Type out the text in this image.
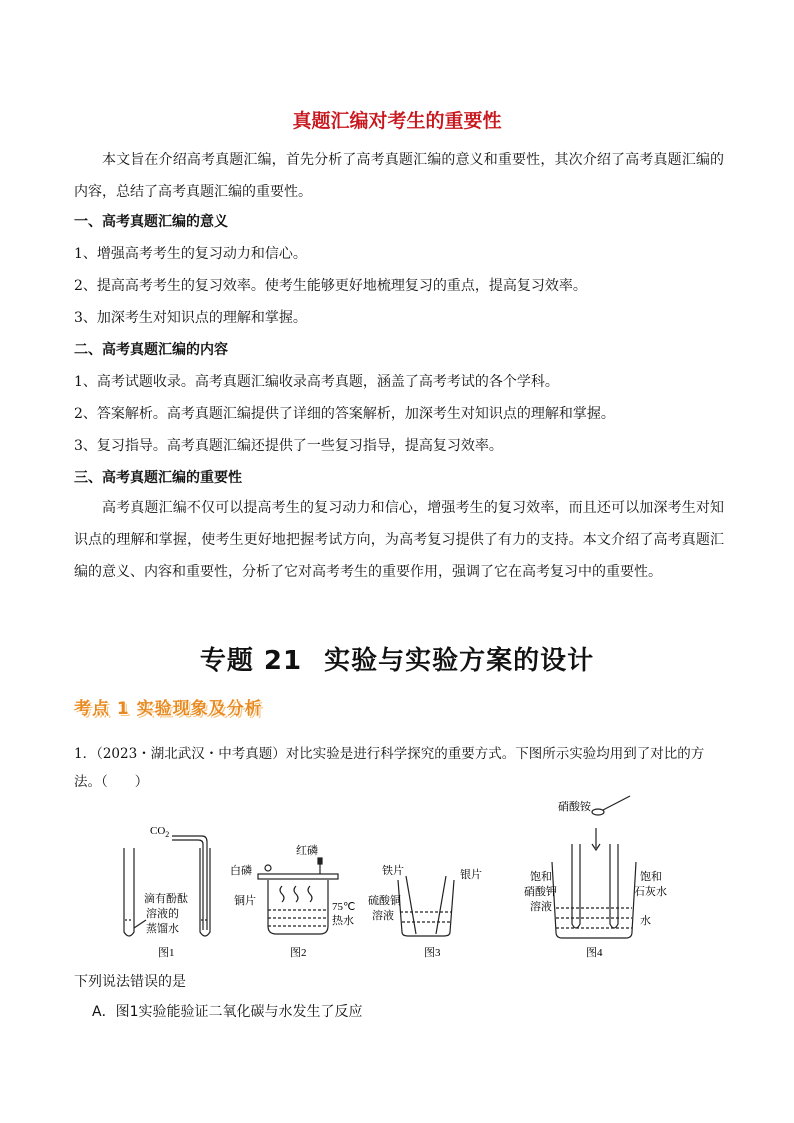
真题汇编对考生的重要性
本文旨在介绍高考真题汇编，首先分析了高考真题汇编的意义和重要性，其次介绍了高考真题汇编的内容，总结了高考真题汇编的重要性。
一、高考真题汇编的意义
1、增强高考考生的复习动力和信心。
2、提高高考考生的复习效率。使考生能够更好地梳理复习的重点，提高复习效率。
3、加深考生对知识点的理解和掌握。
二、高考真题汇编的内容
1、高考试题收录。高考真题汇编收录高考真题，涵盖了高考考试的各个学科。
2、答案解析。高考真题汇编提供了详细的答案解析，加深考生对知识点的理解和掌握。
3、复习指导。高考真题汇编还提供了一些复习指导，提高复习效率。
三、高考真题汇编的重要性
高考真题汇编不仅可以提高考生的复习动力和信心，增强考生的复习效率，而且还可以加深考生对知识点的理解和掌握，使考生更好地把握考试方向，为高考复习提供了有力的支持。本文介绍了高考真题汇编的意义、内容和重要性，分析了它对高考考生的重要作用，强调了它在高考复习中的重要性。
专题 21 实验与实验方案的设计
考点 1 实验现象及分析
1．（2023・湖北武汉・中考真题）对比实验是进行科学探究的重要方式。下图所示实验均用到了对比的方法。（　　）
$CO_2$
滴有酚酞
溶液的
蒸馏水
图1
红磷
白磷
铜片	75℃
热水
图2
铁片	银片
硫酸铜
溶液
图3
硝酸铵
饱和
硝酸钾
溶液
饱和
石灰水
水
图4
下列说法错误的是
A．图1实验能验证二氧化碳与水发生了反应
